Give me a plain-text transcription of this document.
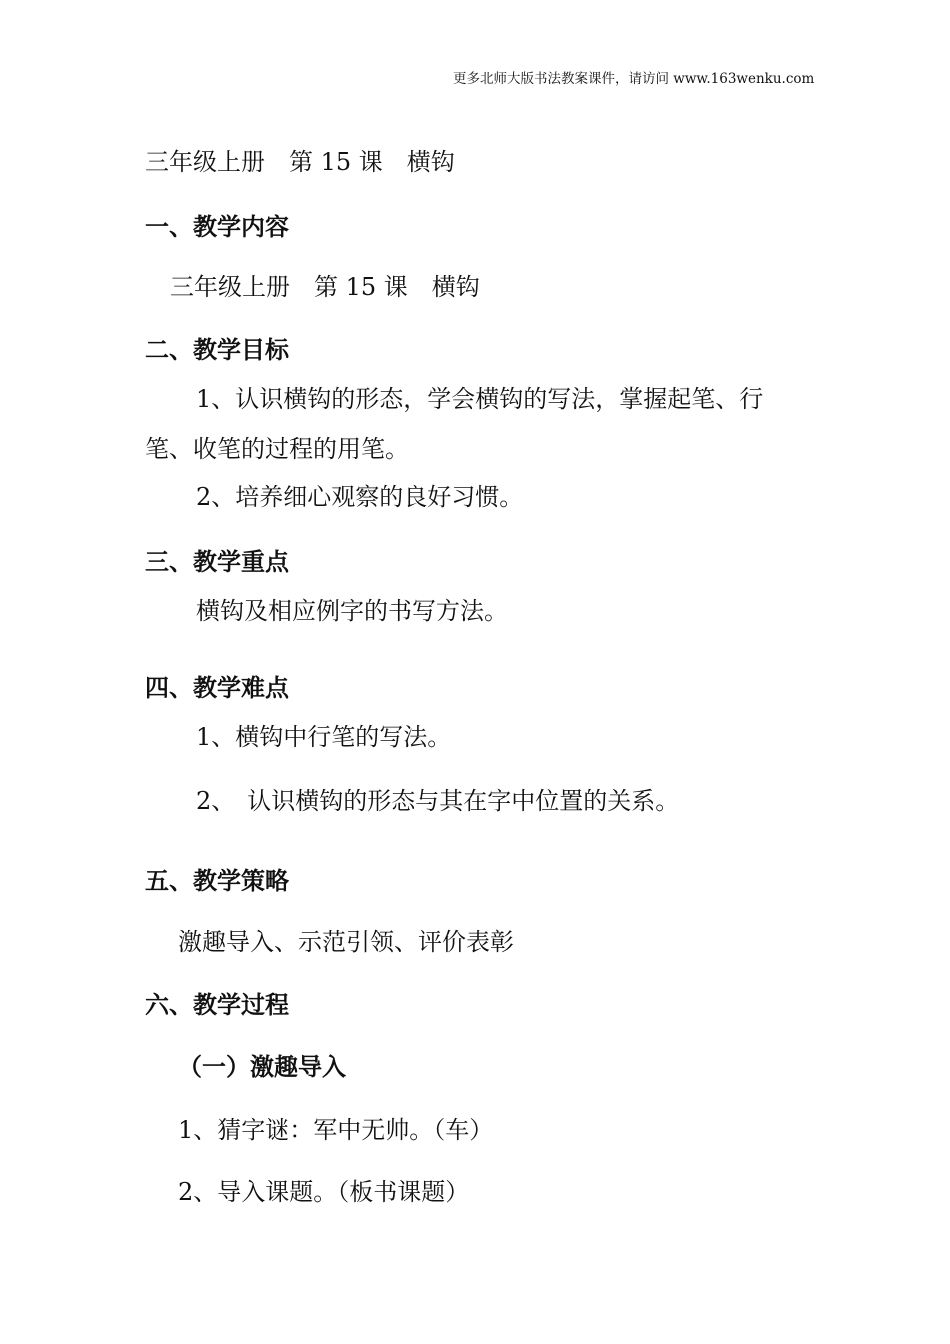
更多北师大版书法教案课件，请访问 www.163wenku.com
三年级上册　第 15 课　横钩
一、教学内容
三年级上册　第 15 课　横钩
二、教学目标
1、认识横钩的形态，学会横钩的写法，掌握起笔、行
笔、收笔的过程的用笔。
2、培养细心观察的良好习惯。
三、教学重点
横钩及相应例字的书写方法。
四、教学难点
1、横钩中行笔的写法。
2、　认识横钩的形态与其在字中位置的关系。
五、教学策略
激趣导入、示范引领、评价表彰
六、教学过程
（一）激趣导入
1、猜字谜：军中无帅。（车）
2、导入课题。（板书课题）
